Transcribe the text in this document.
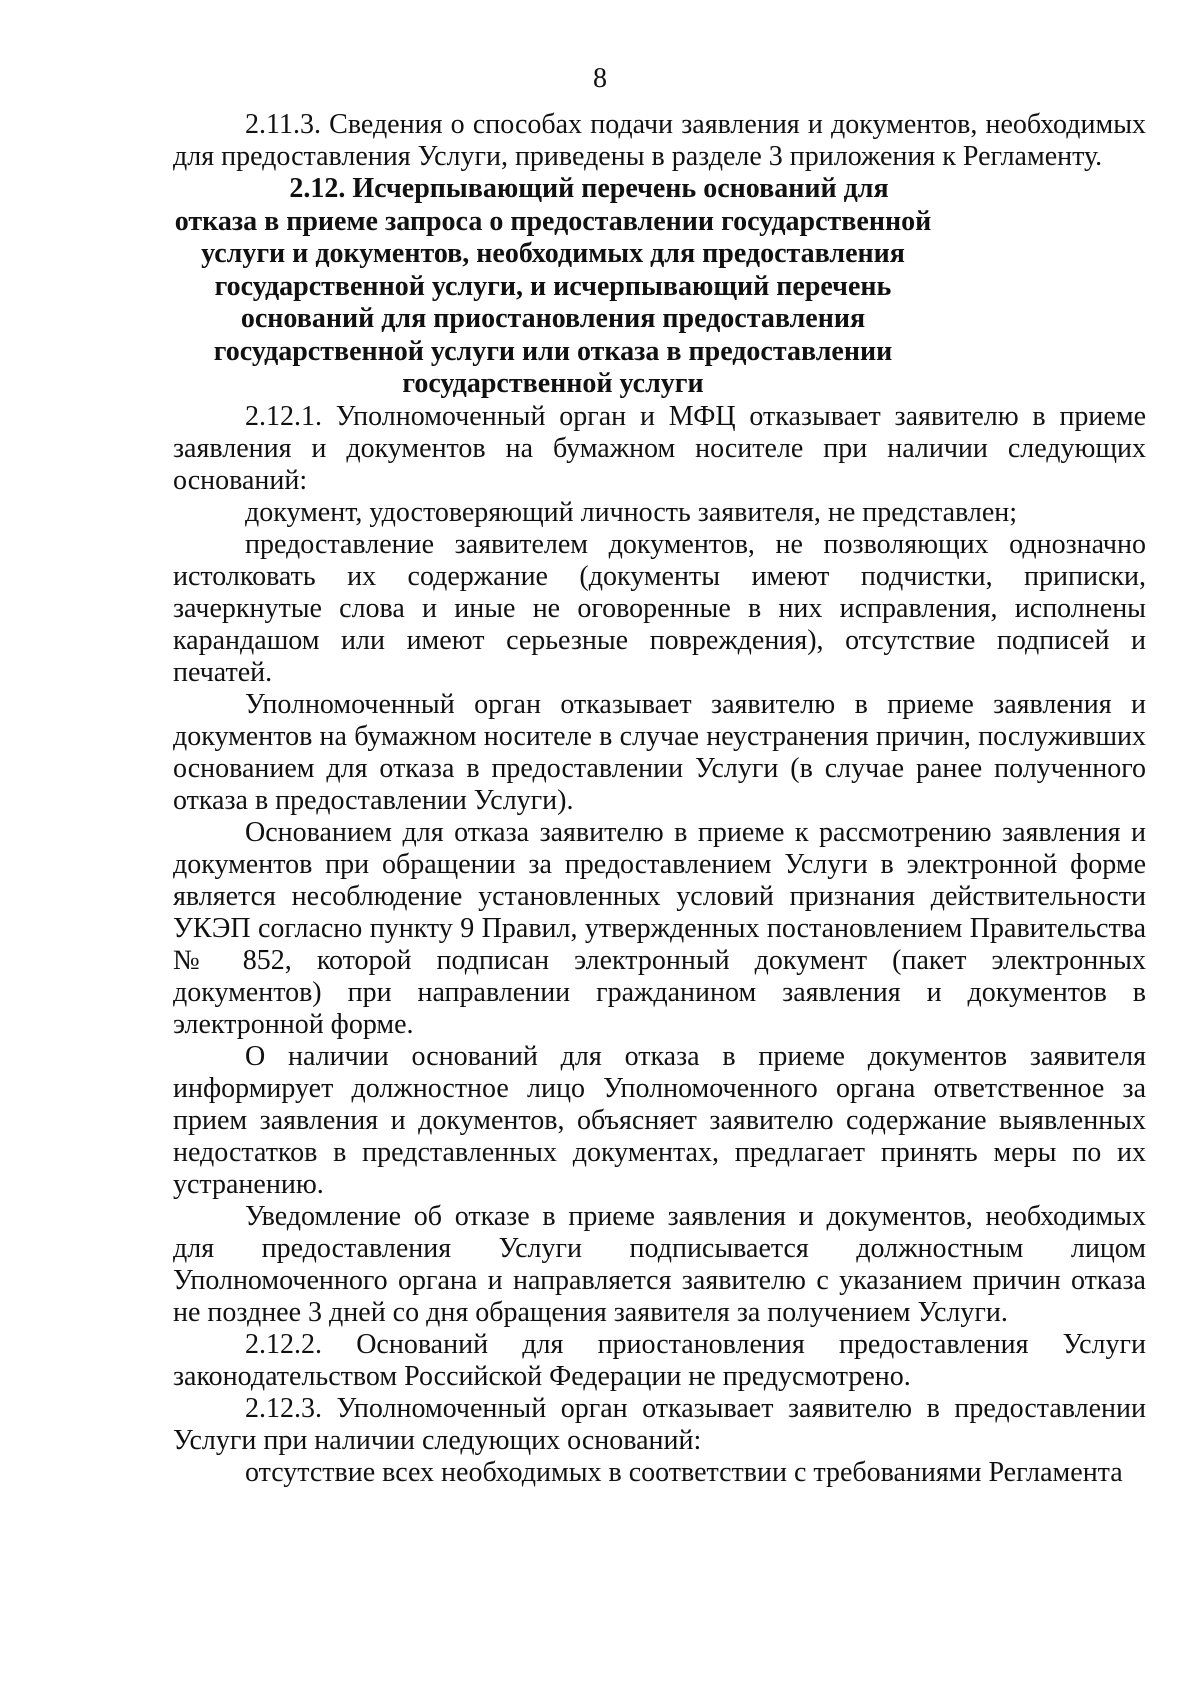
8

2.11.3. Сведения о способах подачи заявления и документов, необходимых для предоставления Услуги, приведены в разделе 3 приложения к Регламенту.

2.12. Исчерпывающий перечень оснований для отказа в приеме запроса о предоставлении государственной услуги и документов, необходимых для предоставления государственной услуги, и исчерпывающий перечень оснований для приостановления предоставления государственной услуги или отказа в предоставлении государственной услуги

2.12.1. Уполномоченный орган и МФЦ отказывает заявителю в приеме заявления и документов на бумажном носителе при наличии следующих оснований:

документ, удостоверяющий личность заявителя, не представлен;

предоставление заявителем документов, не позволяющих однозначно истолковать их содержание (документы имеют подчистки, приписки, зачеркнутые слова и иные не оговоренные в них исправления, исполнены карандашом или имеют серьезные повреждения), отсутствие подписей и печатей.

Уполномоченный орган отказывает заявителю в приеме заявления и документов на бумажном носителе в случае неустранения причин, послуживших основанием для отказа в предоставлении Услуги (в случае ранее полученного отказа в предоставлении Услуги).

Основанием для отказа заявителю в приеме к рассмотрению заявления и документов при обращении за предоставлением Услуги в электронной форме является несоблюдение установленных условий признания действительности УКЭП согласно пункту 9 Правил, утвержденных постановлением Правительства № 852, которой подписан электронный документ (пакет электронных документов) при направлении гражданином заявления и документов в электронной форме.

О наличии оснований для отказа в приеме документов заявителя информирует должностное лицо Уполномоченного органа ответственное за прием заявления и документов, объясняет заявителю содержание выявленных недостатков в представленных документах, предлагает принять меры по их устранению.

Уведомление об отказе в приеме заявления и документов, необходимых для предоставления Услуги подписывается должностным лицом Уполномоченного органа и направляется заявителю с указанием причин отказа не позднее 3 дней со дня обращения заявителя за получением Услуги.

2.12.2. Оснований для приостановления предоставления Услуги законодательством Российской Федерации не предусмотрено.

2.12.3. Уполномоченный орган отказывает заявителю в предоставлении Услуги при наличии следующих оснований:

отсутствие всех необходимых в соответствии с требованиями Регламента
